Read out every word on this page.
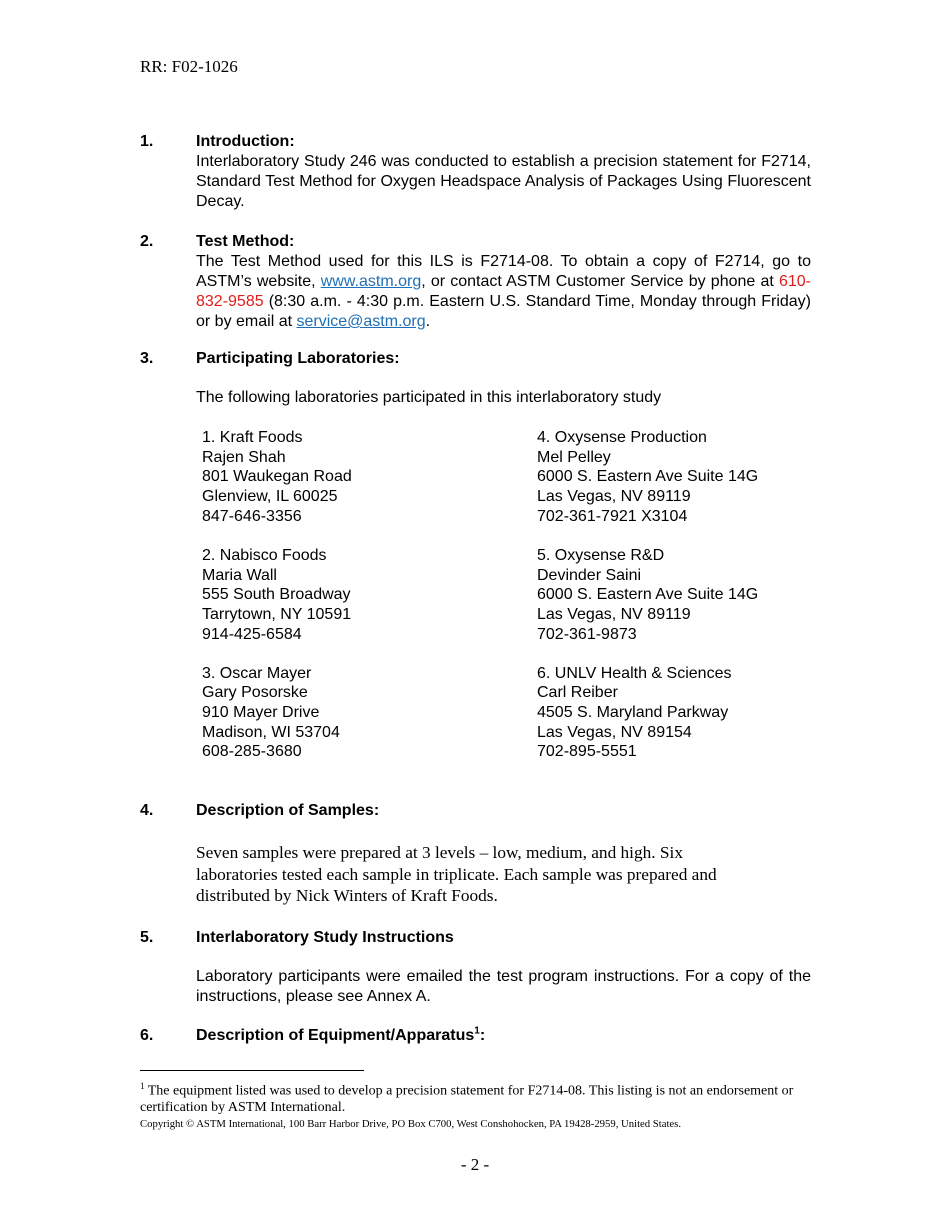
RR: F02-1026
1.	Introduction:
Interlaboratory Study 246 was conducted to establish a precision statement for F2714, Standard Test Method for Oxygen Headspace Analysis of Packages Using Fluorescent Decay.
2.	Test Method:
The Test Method used for this ILS is F2714-08. To obtain a copy of F2714, go to ASTM’s website, www.astm.org, or contact ASTM Customer Service by phone at 610-832-9585 (8:30 a.m. - 4:30 p.m. Eastern U.S. Standard Time, Monday through Friday) or by email at service@astm.org.
3.	Participating Laboratories:
The following laboratories participated in this interlaboratory study
1. Kraft Foods
Rajen Shah
801 Waukegan Road
Glenview, IL 60025
847-646-3356
2. Nabisco Foods
Maria Wall
555 South Broadway
Tarrytown, NY 10591
914-425-6584
3. Oscar Mayer
Gary Posorske
910 Mayer Drive
Madison, WI 53704
608-285-3680
4. Oxysense Production
Mel Pelley
6000 S. Eastern Ave Suite 14G
Las Vegas, NV 89119
702-361-7921 X3104
5. Oxysense R&D
Devinder Saini
6000 S. Eastern Ave Suite 14G
Las Vegas, NV 89119
702-361-9873
6. UNLV Health & Sciences
Carl Reiber
4505 S. Maryland Parkway
Las Vegas, NV 89154
702-895-5551
4.	Description of Samples:
Seven samples were prepared at 3 levels – low, medium, and high. Six
laboratories tested each sample in triplicate. Each sample was prepared and
distributed by Nick Winters of Kraft Foods.
5.	Interlaboratory Study Instructions
Laboratory participants were emailed the test program instructions. For a copy of the instructions, please see Annex A.
6.	Description of Equipment/Apparatus$^1$:
$^1$ The equipment listed was used to develop a precision statement for F2714-08. This listing is not an endorsement or certification by ASTM International.
Copyright © ASTM International, 100 Barr Harbor Drive, PO Box C700, West Conshohocken, PA 19428-2959, United States.
- 2 -
